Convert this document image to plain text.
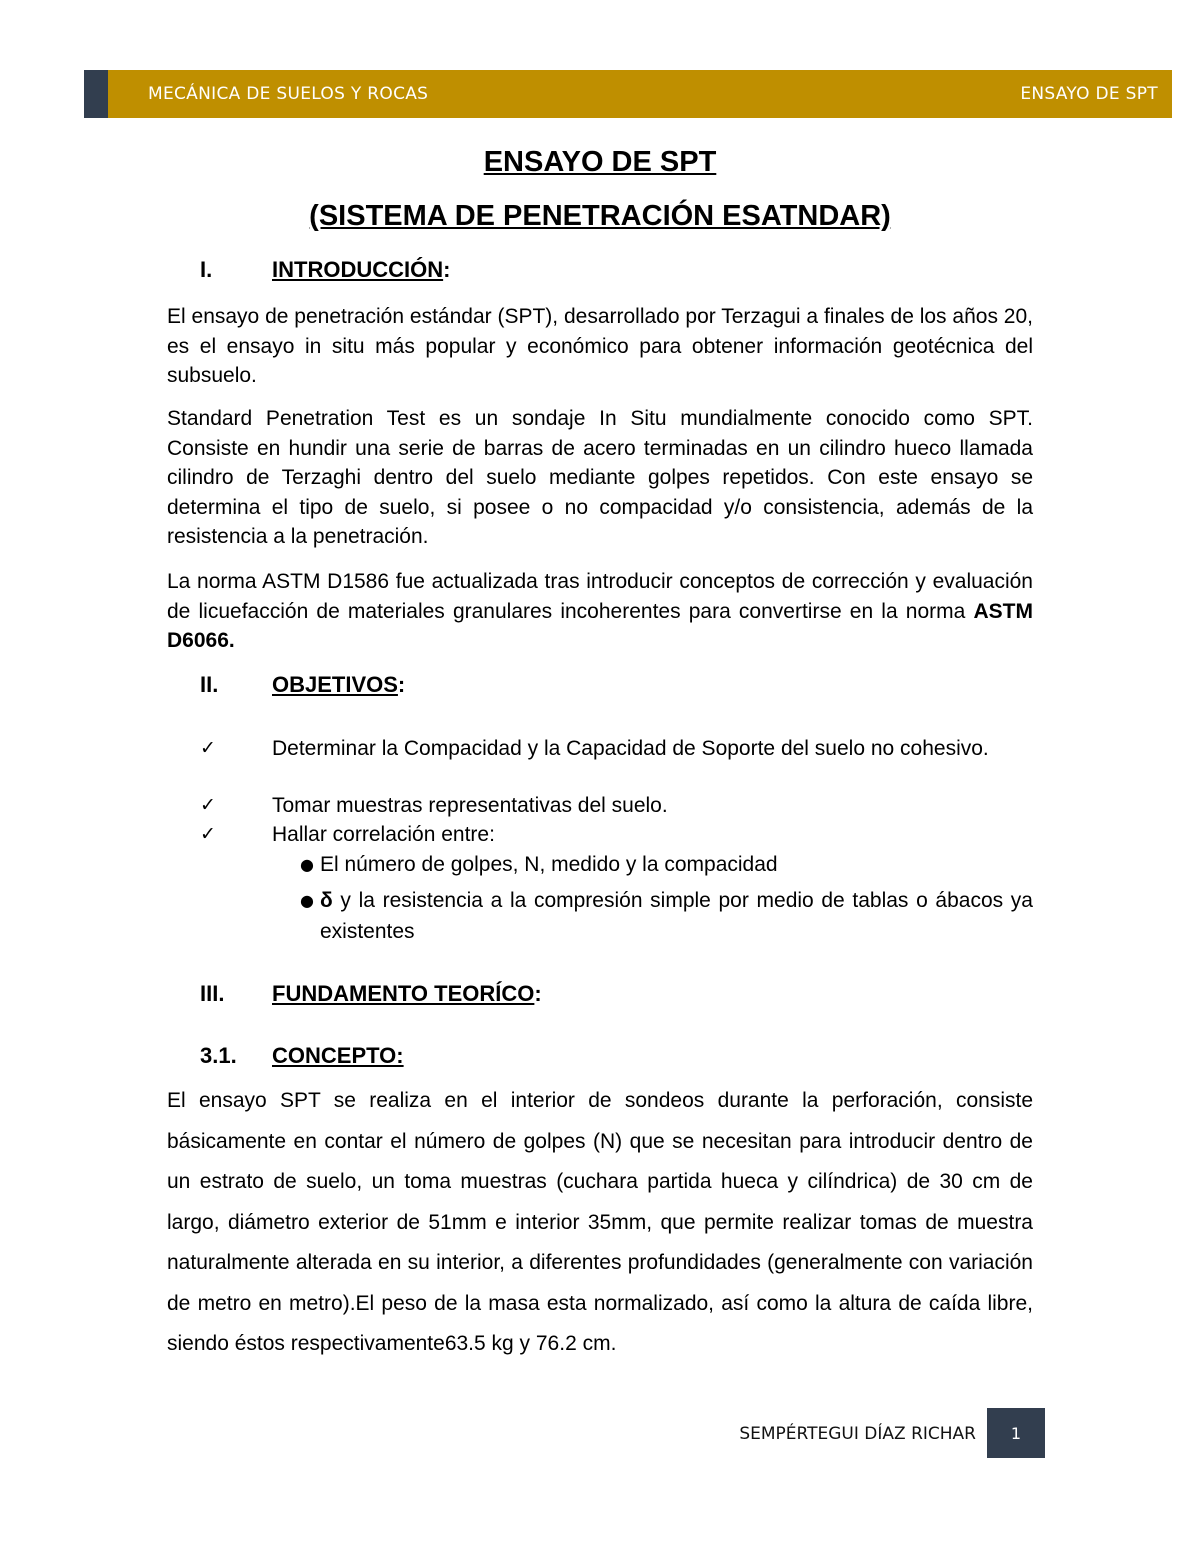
MECÁNICA DE SUELOS Y ROCAS	ENSAYO DE SPT
ENSAYO DE SPT
(SISTEMA DE PENETRACIÓN ESATNDAR)
I.	INTRODUCCIÓN :

El ensayo de penetración estándar (SPT), desarrollado por Terzagui a finales de los años 20, es el ensayo in situ más popular y económico para obtener información geotécnica del subsuelo.

Standard Penetration Test es un sondaje In Situ mundialmente conocido como SPT. Consiste en hundir una serie de barras de acero terminadas en un cilindro hueco llamada cilindro de Terzaghi dentro del suelo mediante golpes repetidos. Con este ensayo se determina el tipo de suelo, si posee o no compacidad y/o consistencia, además de la resistencia a la penetración.

La norma ASTM D1586 fue actualizada tras introducir conceptos de corrección y evaluación de licuefacción de materiales granulares incoherentes para convertirse en la norma ASTM D6066.

II.	OBJETIVOS :
✓	Determinar la Compacidad y la Capacidad de Soporte del suelo no cohesivo.
✓	Tomar muestras representativas del suelo.
✓	Hallar correlación entre:
● El número de golpes, N, medido y la compacidad
● δ y la resistencia a la compresión simple por medio de tablas o ábacos ya existentes
III.	FUNDAMENTO TEORÍCO :
3.1.	CONCEPTO:

El ensayo SPT se realiza en el interior de sondeos durante la perforación, consiste básicamente en contar el número de golpes (N) que se necesitan para introducir dentro de un estrato de suelo, un toma muestras (cuchara partida hueca y cilíndrica) de 30 cm de largo, diámetro exterior de 51mm e interior 35mm, que permite realizar tomas de muestra naturalmente alterada en su interior, a diferentes profundidades (generalmente con variación de metro en metro).El peso de la masa esta normalizado, así como la altura de caída libre, siendo éstos respectivamente63.5 kg y 76.2 cm.

SEMPÉRTEGUI DÍAZ RICHAR	1
